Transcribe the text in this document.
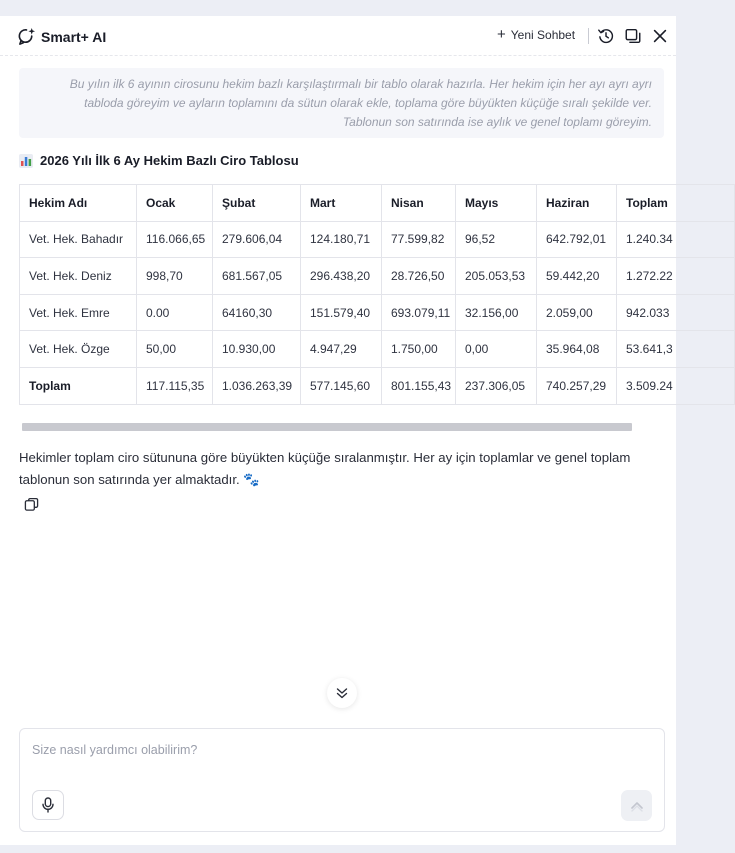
Smart+ AI	+ Yeni Sohbet
Bu yılın ilk 6 ayının cirosunu hekim bazlı karşılaştırmalı bir tablo olarak hazırla. Her hekim için her ayı ayrı ayrı tabloda göreyim ve ayların toplamını da sütun olarak ekle, toplama göre büyükten küçüğe sıralı şekilde ver. Tablonun son satırında ise aylık ve genel toplamı göreyim.
2026 Yılı İlk 6 Ay Hekim Bazlı Ciro Tablosu
Hekim Adı	Ocak	Şubat	Mart	Nisan	Mayıs	Haziran	Toplam
Vet. Hek. Bahadır	116.066,65	279.606,04	124.180,71	77.599,82	96,52	642.792,01	1.240.34
Vet. Hek. Deniz	998,70	681.567,05	296.438,20	28.726,50	205.053,53	59.442,20	1.272.22
Vet. Hek. Emre	0.00	64160,30	151.579,40	693.079,11	32.156,00	2.059,00	942.033
Vet. Hek. Özge	50,00	10.930,00	4.947,29	1.750,00	0,00	35.964,08	53.641,3
Toplam	117.115,35	1.036.263,39	577.145,60	801.155,43	237.306,05	740.257,29	3.509.24
Hekimler toplam ciro sütununa göre büyükten küçüğe sıralanmıştır. Her ay için toplamlar ve genel toplam tablonun son satırında yer almaktadır. 🐾
Size nasıl yardımcı olabilirim?
